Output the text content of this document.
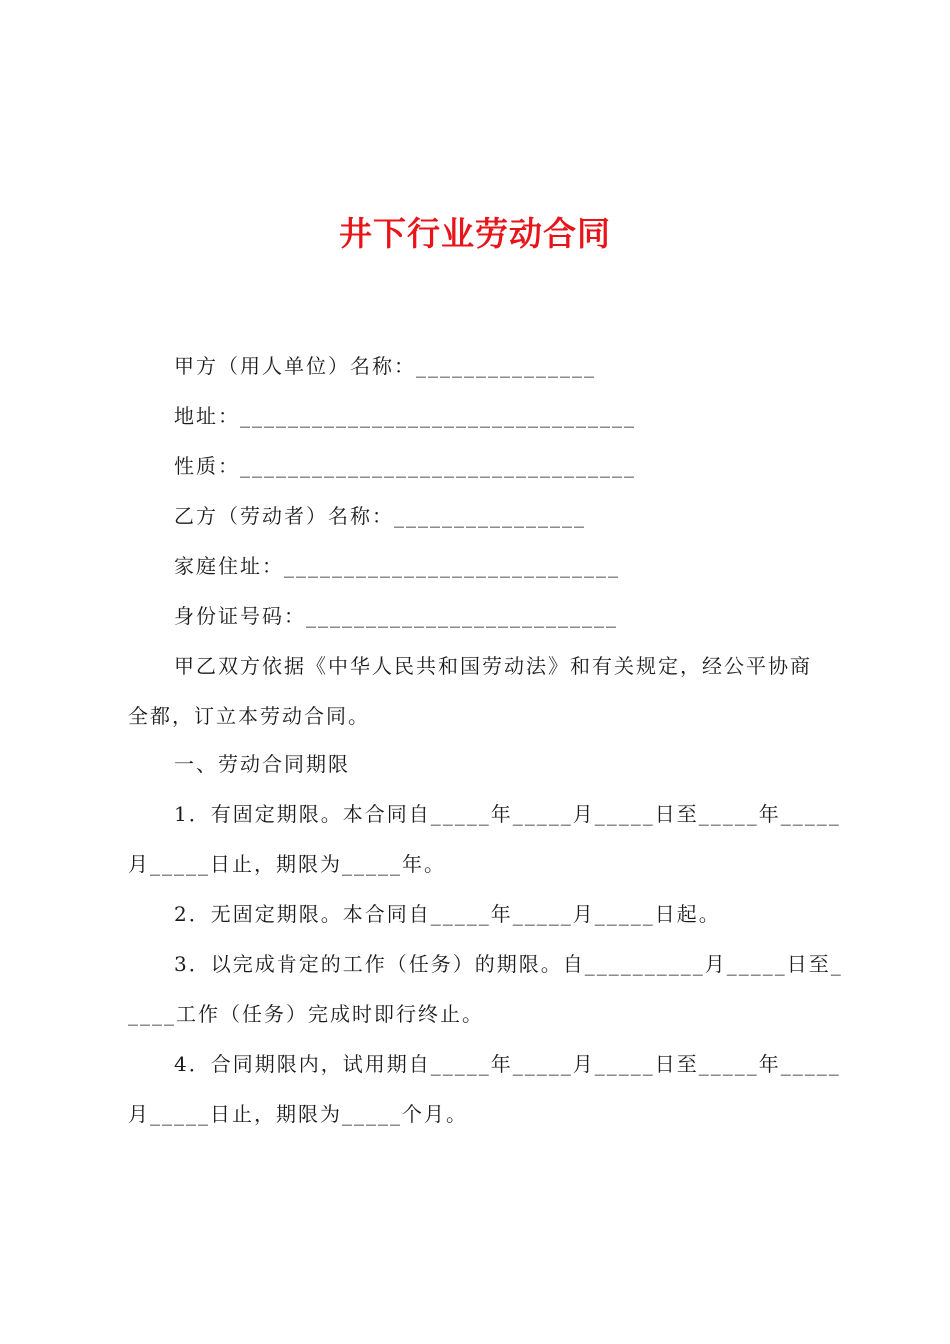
井下行业劳动合同
甲方（用人单位）名称：_______________
地址：_________________________________
性质：_________________________________
乙方（劳动者）名称：________________
家庭住址：____________________________
身份证号码：__________________________
甲乙双方依据《中华人民共和国劳动法》和有关规定，经公平协商
全都，订立本劳动合同。
一、劳动合同期限
1．有固定期限。本合同自_____年_____月_____日至_____年_____
月_____日止，期限为_____年。
2．无固定期限。本合同自_____年_____月_____日起。
3．以完成肯定的工作（任务）的期限。自__________月_____日至_
____工作（任务）完成时即行终止。
4．合同期限内，试用期自_____年_____月_____日至_____年_____
月_____日止，期限为_____个月。
